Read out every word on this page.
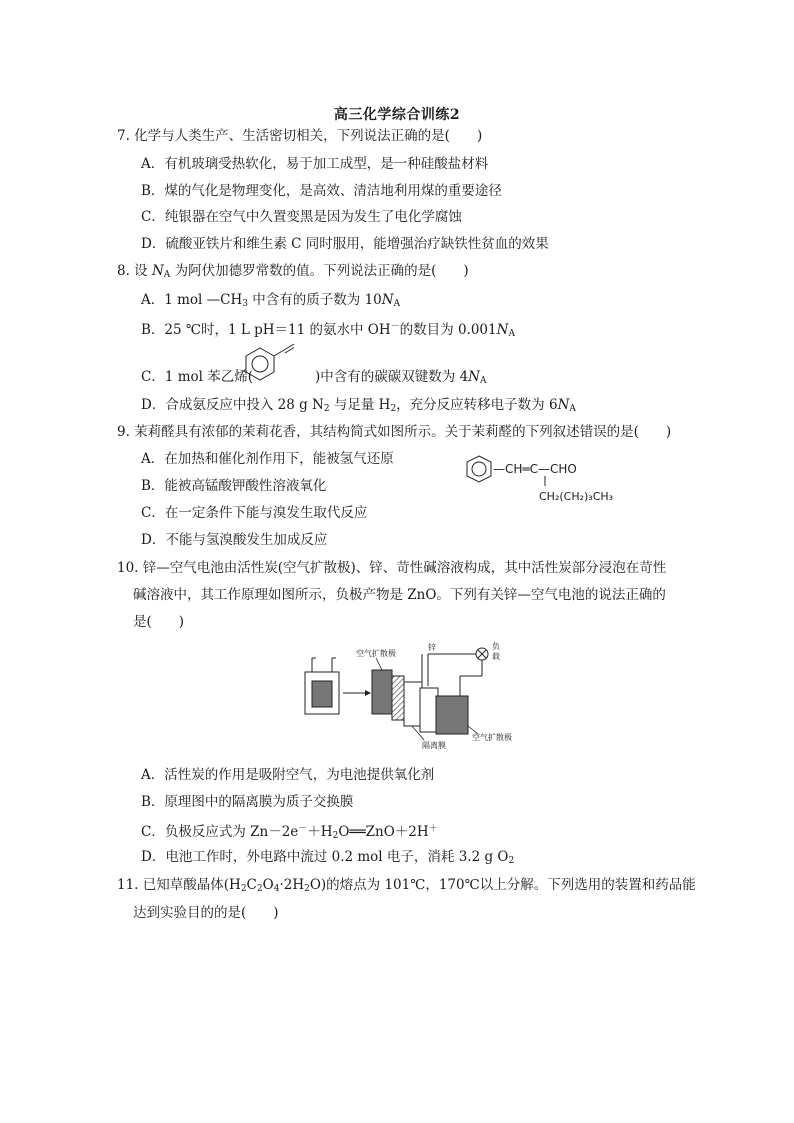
高三化学综合训练2
7. 化学与人类生产、生活密切相关，下列说法正确的是(　　)
A．有机玻璃受热软化，易于加工成型，是一种硅酸盐材料
B．煤的气化是物理变化，是高效、清洁地利用煤的重要途径
C．纯银器在空气中久置变黑是因为发生了电化学腐蚀
D．硫酸亚铁片和维生素 C 同时服用，能增强治疗缺铁性贫血的效果
8. 设 $N_A$ 为阿伏加德罗常数的值。下列说法正确的是(　　)
A．1 mol $—CH_3$ 中含有的质子数为 $10N_A$
B．25 ℃时，1 L pH＝11 的氨水中 OH－的数目为 $0.001N_A$
C．1 mol 苯乙烯(	)中含有的碳碳双键数为 $4N_A$
D．合成氨反应中投入 28 g $N_2$ 与足量 $H_2$，充分反应转移电子数为 $6N_A$
9. 茉莉醛具有浓郁的茉莉花香，其结构简式如图所示。关于茉莉醛的下列叙述错误的是(　　)
A．在加热和催化剂作用下，能被氢气还原
B．能被高锰酸钾酸性溶液氧化
C．在一定条件下能与溴发生取代反应
D．不能与氢溴酸发生加成反应
—CH═C—CHO
CH₂(CH₂)₃CH₃
10. 锌—空气电池由活性炭(空气扩散极)、锌、苛性碱溶液构成，其中活性炭部分浸泡在苛性
碱溶液中，其工作原理如图所示，负极产物是 ZnO。下列有关锌—空气电池的说法正确的
是(　　)
空气扩散极
锌	负
载
隔离膜
空气扩散极
A．活性炭的作用是吸附空气，为电池提供氧化剂
B．原理图中的隔离膜为质子交换膜
C．负极反应式为 $Zn-2e^-+H_2O══ZnO+2H^+$
D．电池工作时，外电路中流过 0.2 mol 电子，消耗 3.2 g $O_2$
11. 已知草酸晶体$(H_2C_2O_4\cdot 2H_2O)$的熔点为 101℃，170℃以上分解。下列选用的装置和药品能
达到实验目的的是(　　)
